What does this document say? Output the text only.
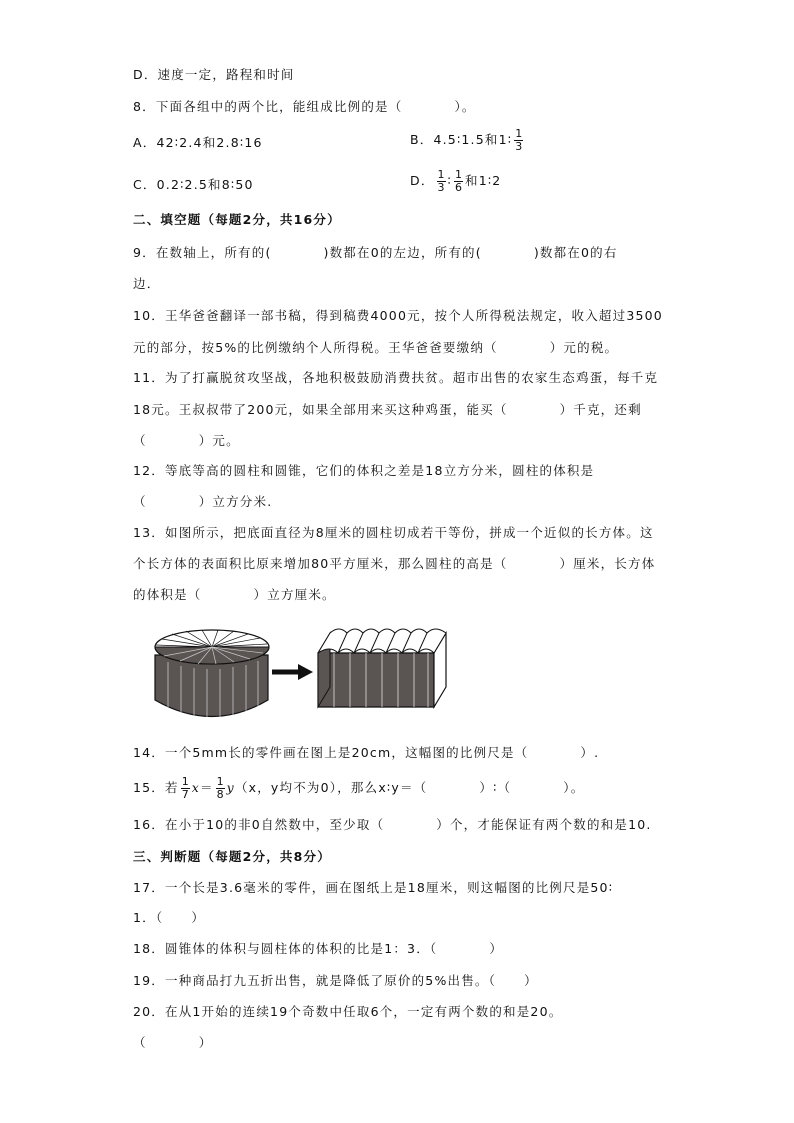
D．速度一定，路程和时间
8．下面各组中的两个比，能组成比例的是（	）。
A．42∶2.4和2.8∶16	B．4.5∶1.5和1∶ $\frac{1}{3}$
C．0.2∶2.5和8∶50	D． $\frac{1}{3}$ ∶ $\frac{1}{6}$ 和1∶2
二、填空题（每题2分，共16分）
9．在数轴上，所有的(	)数都在0的左边，所有的(	)数都在0的右
边．
10．王华爸爸翻译一部书稿，得到稿费4000元，按个人所得税法规定，收入超过3500
元的部分，按5%的比例缴纳个人所得税。王华爸爸要缴纳（	）元的税。
11．为了打赢脱贫攻坚战，各地积极鼓励消费扶贫。超市出售的农家生态鸡蛋，每千克
18元。王叔叔带了200元，如果全部用来买这种鸡蛋，能买（	）千克，还剩
（	）元。
12．等底等高的圆柱和圆锥，它们的体积之差是18立方分米，圆柱的体积是
（	）立方分米.
13．如图所示，把底面直径为8厘米的圆柱切成若干等份，拼成一个近似的长方体。这
个长方体的表面积比原来增加80平方厘米，那么圆柱的高是（	）厘米，长方体
的体积是（	）立方厘米。
14．一个5mm长的零件画在图上是20cm，这幅图的比例尺是（	）.
15．若 $\frac{1}{7} x= \frac{1}{8} y(x$，y均不为0），那么x∶y＝（	）∶（	）。
16．在小于10的非0自然数中，至少取（	）个，才能保证有两个数的和是10.
三、判断题（每题2分，共8分）
17．一个长是3.6毫米的零件，画在图纸上是18厘米，则这幅图的比例尺是50∶
1．（ ）
18．圆锥体的体积与圆柱体的体积的比是1：3．（	）
19．一种商品打九五折出售，就是降低了原价的5%出售。（ ）
20．在从1开始的连续19个奇数中任取6个，一定有两个数的和是20。
（	）
